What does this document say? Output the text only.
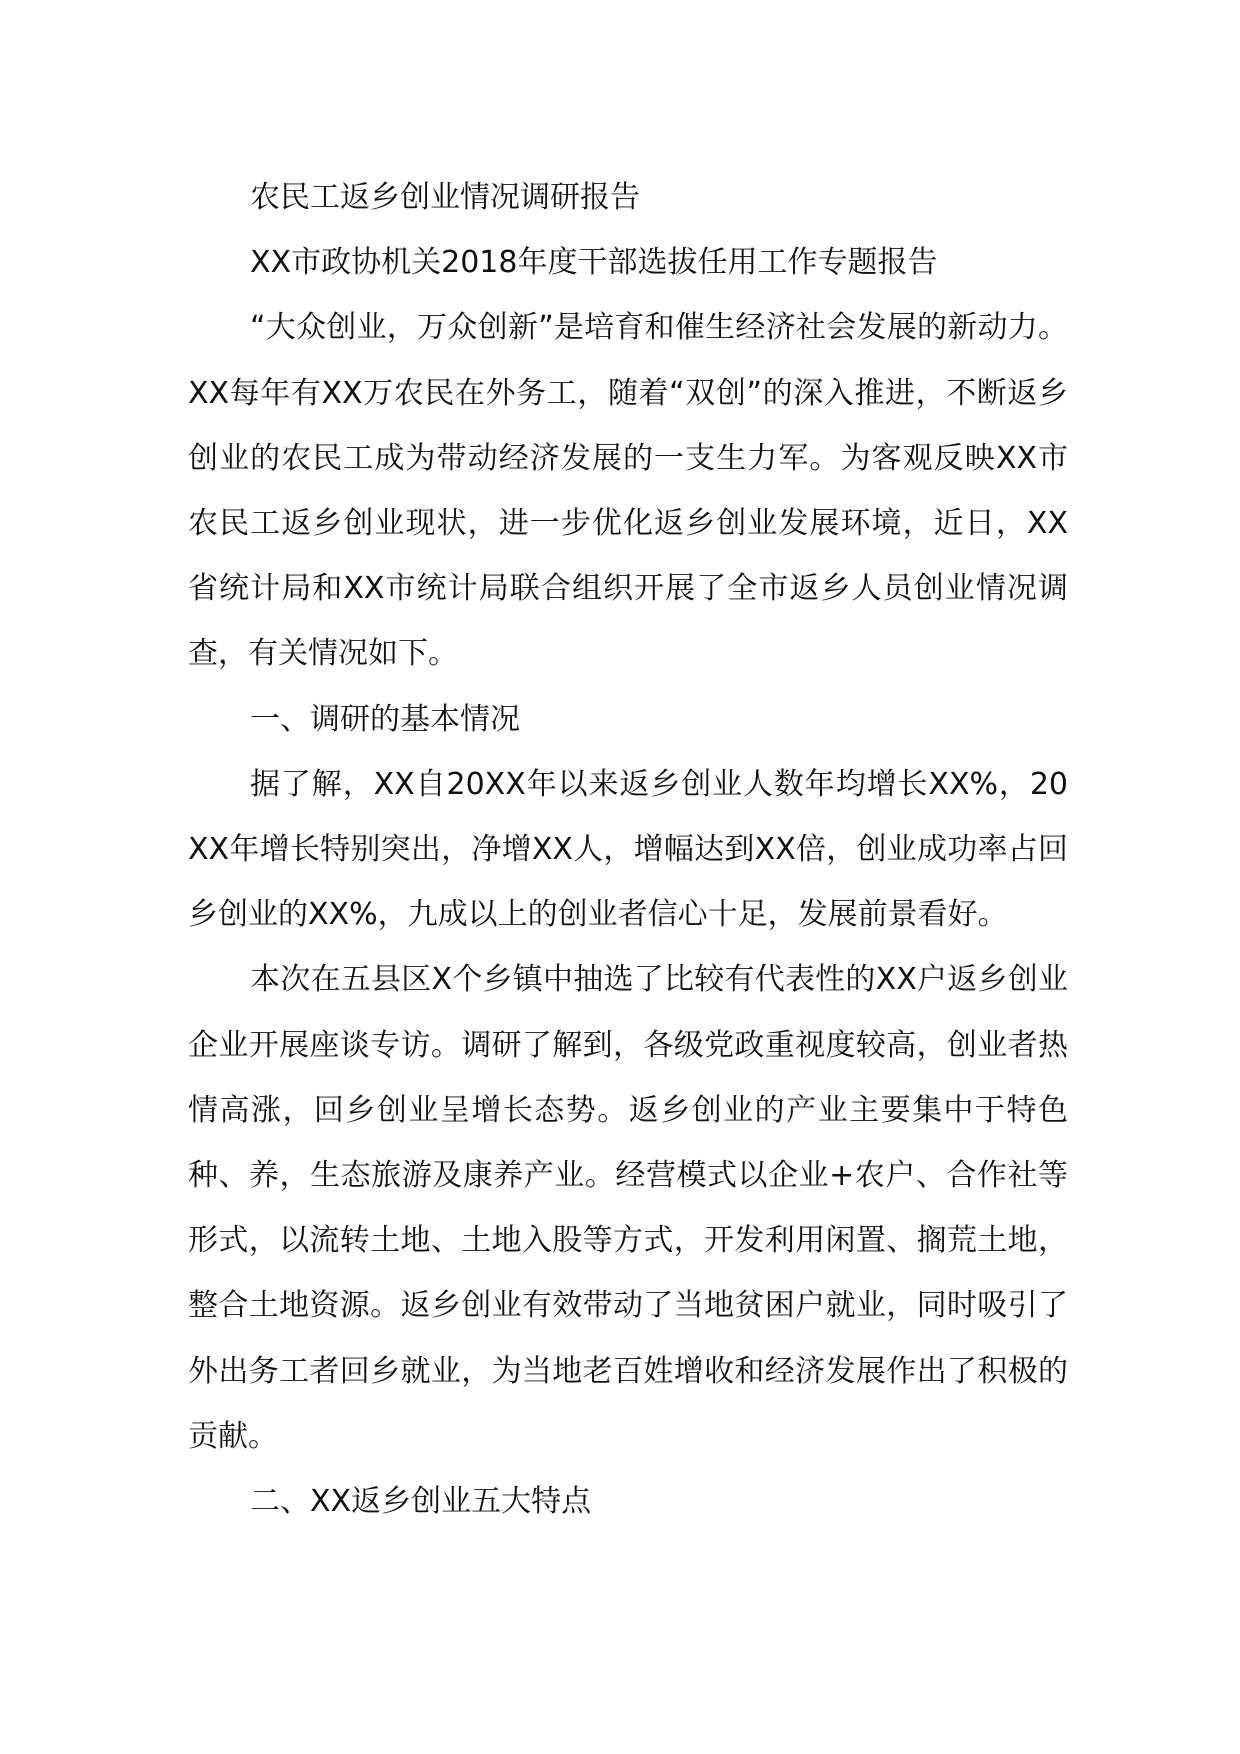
农民工返乡创业情况调研报告

XX市政协机关2018年度干部选拔任用工作专题报告

“大众创业，万众创新”是培育和催生经济社会发展的新动力。XX每年有XX万农民在外务工，随着“双创”的深入推进，不断返乡创业的农民工成为带动经济发展的一支生力军。为客观反映XX市农民工返乡创业现状，进一步优化返乡创业发展环境，近日，XX省统计局和XX市统计局联合组织开展了全市返乡人员创业情况调查，有关情况如下。

一、调研的基本情况

据了解，XX自20XX年以来返乡创业人数年均增长XX%，20XX年增长特别突出，净增XX人，增幅达到XX倍，创业成功率占回乡创业的XX%，九成以上的创业者信心十足，发展前景看好。

本次在五县区X个乡镇中抽选了比较有代表性的XX户返乡创业企业开展座谈专访。调研了解到，各级党政重视度较高，创业者热情高涨，回乡创业呈增长态势。返乡创业的产业主要集中于特色种、养，生态旅游及康养产业。经营模式以企业+农户、合作社等形式，以流转土地、土地入股等方式，开发利用闲置、搁荒土地，整合土地资源。返乡创业有效带动了当地贫困户就业，同时吸引了外出务工者回乡就业，为当地老百姓增收和经济发展作出了积极的贡献。

二、XX返乡创业五大特点
